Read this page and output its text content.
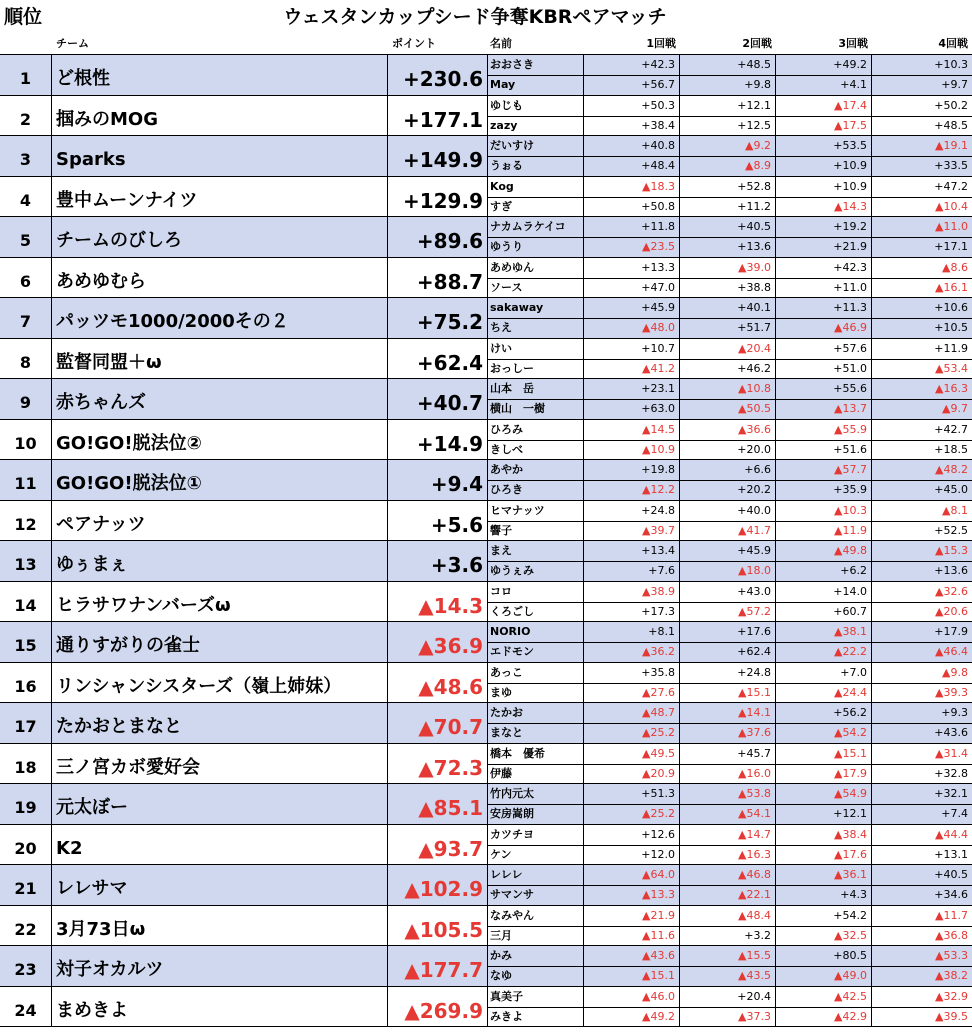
順位	ウェスタンカップシード争奪KBRペアマッチ
チーム	ポイント	名前	1回戦	2回戦	3回戦	4回戦
1	ど根性	+230.6
おおさき	+42.3	+48.5	+49.2	+10.3
May	+56.7	+9.8	+4.1	+9.7
2	掴みのMOG	+177.1
ゆじも	+50.3	+12.1	▲17.4	+50.2
zazy	+38.4	+12.5	▲17.5	+48.5
3	Sparks	+149.9
だいすけ	+40.8	▲9.2	+53.5	▲19.1
うぉる	+48.4	▲8.9	+10.9	+33.5
4	豊中ムーンナイツ	+129.9
Kog	▲18.3	+52.8	+10.9	+47.2
すぎ	+50.8	+11.2	▲14.3	▲10.4
5	チームのびしろ	+89.6
ナカムラケイコ	+11.8	+40.5	+19.2	▲11.0
ゆうり	▲23.5	+13.6	+21.9	+17.1
6	あめゆむら	+88.7
あめゆん	+13.3	▲39.0	+42.3	▲8.6
ソース	+47.0	+38.8	+11.0	▲16.1
7	パッツモ1000/2000その２	+75.2
sakaway	+45.9	+40.1	+11.3	+10.6
ちえ	▲48.0	+51.7	▲46.9	+10.5
8	監督同盟＋ω	+62.4
けい	+10.7	▲20.4	+57.6	+11.9
おっしー	▲41.2	+46.2	+51.0	▲53.4
9	赤ちゃんズ	+40.7
山本　岳	+23.1	▲10.8	+55.6	▲16.3
横山　一樹	+63.0	▲50.5	▲13.7	▲9.7
10	GO!GO!脱法位②	+14.9
ひろみ	▲14.5	▲36.6	▲55.9	+42.7
きしべ	▲10.9	+20.0	+51.6	+18.5
11	GO!GO!脱法位①	+9.4
あやか	+19.8	+6.6	▲57.7	▲48.2
ひろき	▲12.2	+20.2	+35.9	+45.0
12	ペアナッツ	+5.6
ヒマナッツ	+24.8	+40.0	▲10.3	▲8.1
響子	▲39.7	▲41.7	▲11.9	+52.5
13	ゆぅまぇ	+3.6
まえ	+13.4	+45.9	▲49.8	▲15.3
ゆうぇみ	+7.6	▲18.0	+6.2	+13.6
14	ヒラサワナンバーズω	▲14.3
コロ	▲38.9	+43.0	+14.0	▲32.6
くろごし	+17.3	▲57.2	+60.7	▲20.6
15	通りすがりの雀士	▲36.9
NORIO	+8.1	+17.6	▲38.1	+17.9
エドモン	▲36.2	+62.4	▲22.2	▲46.4
16	リンシャンシスターズ（嶺上姉妹）	▲48.6
あっこ	+35.8	+24.8	+7.0	▲9.8
まゆ	▲27.6	▲15.1	▲24.4	▲39.3
17	たかおとまなと	▲70.7
たかお	▲48.7	▲14.1	+56.2	+9.3
まなと	▲25.2	▲37.6	▲54.2	+43.6
18	三ノ宮カボ愛好会	▲72.3
橋本　優希	▲49.5	+45.7	▲15.1	▲31.4
伊藤	▲20.9	▲16.0	▲17.9	+32.8
19	元太ぼー	▲85.1
竹内元太	+51.3	▲53.8	▲54.9	+32.1
安房嵩朗	▲25.2	▲54.1	+12.1	+7.4
20	K2	▲93.7
カツチヨ	+12.6	▲14.7	▲38.4	▲44.4
ケン	+12.0	▲16.3	▲17.6	+13.1
21	レレサマ	▲102.9
レレレ	▲64.0	▲46.8	▲36.1	+40.5
サマンサ	▲13.3	▲22.1	+4.3	+34.6
22	3月73日ω	▲105.5
なみやん	▲21.9	▲48.4	+54.2	▲11.7
三月	▲11.6	+3.2	▲32.5	▲36.8
23	対子オカルツ	▲177.7
かみ	▲43.6	▲15.5	+80.5	▲53.3
なゆ	▲15.1	▲43.5	▲49.0	▲38.2
24	まめきよ	▲269.9
真美子	▲46.0	+20.4	▲42.5	▲32.9
みきよ	▲49.2	▲37.3	▲42.9	▲39.5
